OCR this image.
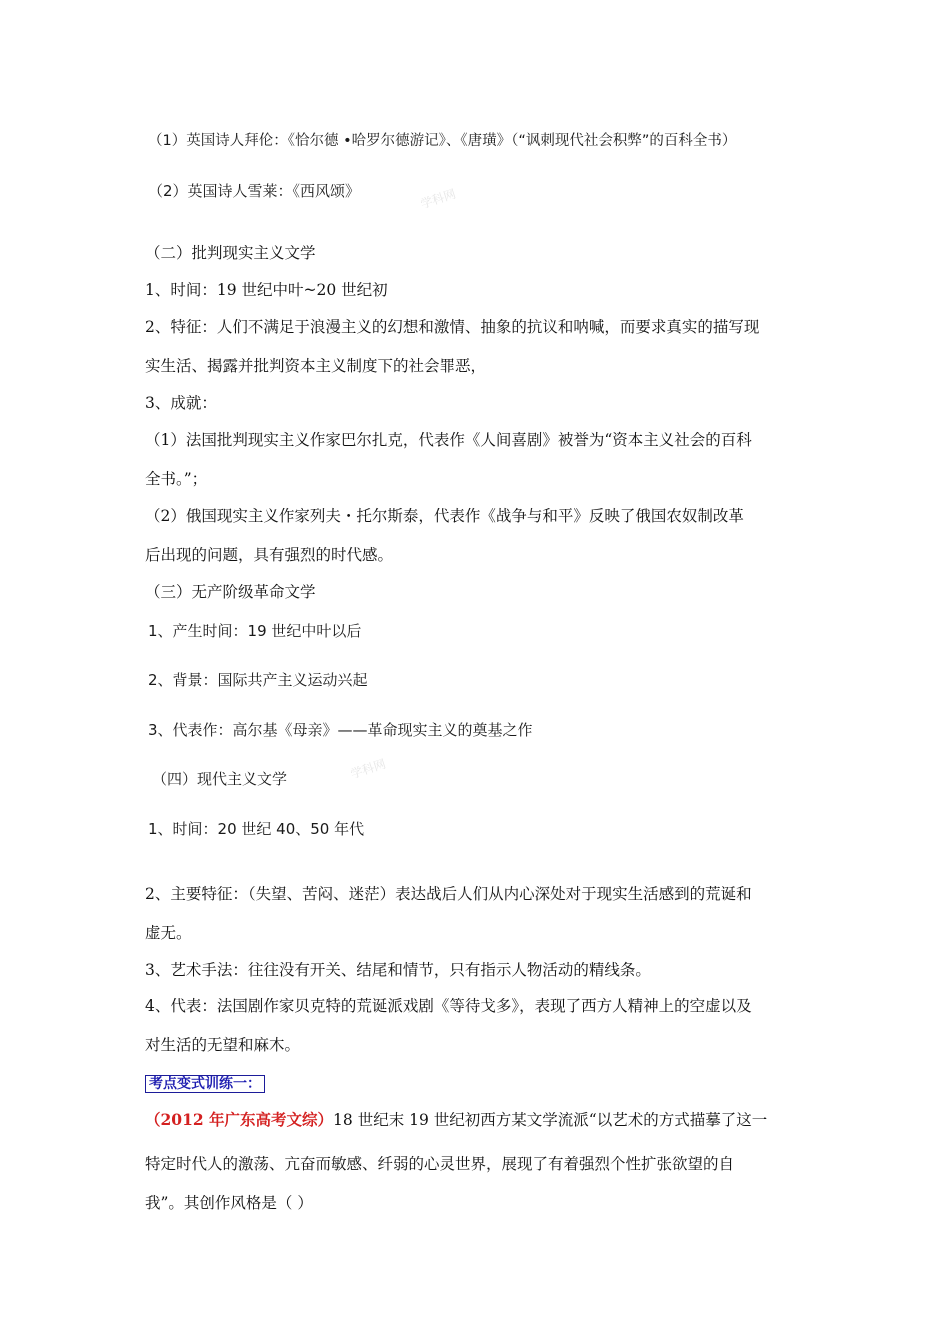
学科网
学科网
（1）英国诗人拜伦：《恰尔德 •哈罗尔德游记》、《唐璜》（“讽刺现代社会积弊”的百科全书）
（2）英国诗人雪莱：《西风颂》
（二）批判现实主义文学
1、时间：19 世纪中叶~20 世纪初
2、特征：人们不满足于浪漫主义的幻想和激情、抽象的抗议和呐喊，而要求真实的描写现
实生活、揭露并批判资本主义制度下的社会罪恶，
3、成就：
（1）法国批判现实主义作家巴尔扎克，代表作《人间喜剧》被誉为“资本主义社会的百科
全书。”；
（2）俄国现实主义作家列夫・托尔斯泰，代表作《战争与和平》反映了俄国农奴制改革
后出现的问题，具有强烈的时代感。
（三）无产阶级革命文学
1、产生时间：19 世纪中叶以后
2、背景：国际共产主义运动兴起
3、代表作：高尔基《母亲》——革命现实主义的奠基之作
（四）现代主义文学
1、时间：20 世纪 40、50 年代
2、主要特征：（失望、苦闷、迷茫）表达战后人们从内心深处对于现实生活感到的荒诞和
虚无。
3、艺术手法：往往没有开关、结尾和情节，只有指示人物活动的精线条。
4、代表：法国剧作家贝克特的荒诞派戏剧《等待戈多》，表现了西方人精神上的空虚以及
对生活的无望和麻木。
考点变式训练一：
（2012 年广东高考文综）18 世纪末 19 世纪初西方某文学流派“以艺术的方式描摹了这一
特定时代人的激荡、亢奋而敏感、纤弱的心灵世界，展现了有着强烈个性扩张欲望的自
我”。其创作风格是（ ）
